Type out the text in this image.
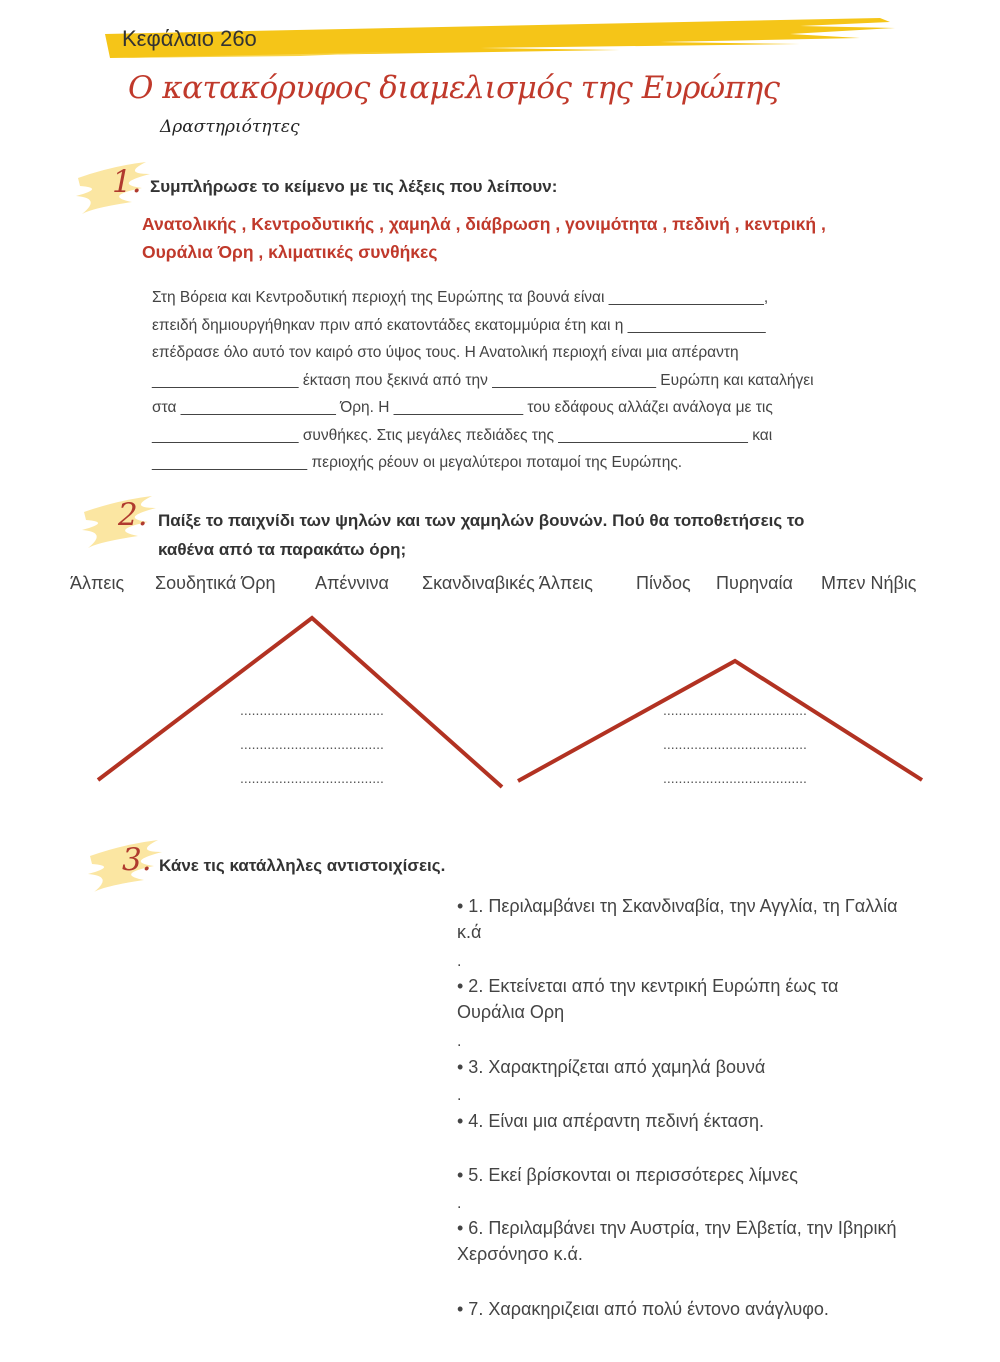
Κεφάλαιο 26ο
Ο κατακόρυφος διαμελισμός της Ευρώπης
Δραστηριότητες
1. Συμπλήρωσε το κείμενο με τις λέξεις που λείπουν:
Ανατολικής , Κεντροδυτικής , χαμηλά , διάβρωση , γονιμότητα , πεδινή , κεντρική ,
Ουράλια Όρη , κλιματικές συνθήκες
Στη Βόρεια και Κεντροδυτική περιοχή της Ευρώπης τα βουνά είναι __________________,
επειδή δημιουργήθηκαν πριν από εκατοντάδες εκατομμύρια έτη και η ________________
επέδρασε όλο αυτό τον καιρό στο ύψος τους. Η Ανατολική περιοχή είναι μια απέραντη
_________________ έκταση που ξεκινά από την ___________________ Ευρώπη και καταλήγει
στα __________________ Όρη. Η _______________ του εδάφους αλλάζει ανάλογα με τις
_________________ συνθήκες. Στις μεγάλες πεδιάδες της ______________________ και
__________________ περιοχής ρέουν οι μεγαλύτεροι ποταμοί της Ευρώπης.
2. Παίξε το παιχνίδι των ψηλών και των χαμηλών βουνών. Πού θα τοποθετήσεις το
καθένα από τα παρακάτω όρη;
Άλπεις Σουδητικά Όρη Απέννινα Σκανδιναβικές Άλπεις Πίνδος Πυρηναία Μπεν Νήβις
.....................................
.....................................
.....................................
.....................................
.....................................
.....................................
3. Κάνε τις κατάλληλες αντιστοιχίσεις.
• 1. Περιλαμβάνει τη Σκανδιναβία, την Αγγλία, τη Γαλλία κ.ά
.
• 2. Εκτείνεται από την κεντρική Ευρώπη έως τα Ουράλια Ορη
.
• 3. Χαρακτηρίζεται από χαμηλά βουνά
.
• 4. Είναι μια απέραντη πεδινή έκταση.
• 5. Εκεί βρίσκονται οι περισσότερες λίμνες
.
• 6. Περιλαμβάνει την Αυστρία, την Ελβετία, την Ιβηρική Χερσόνησο κ.ά.
• 7. Χαρακηριζειαι από πολύ έντονο ανάγλυφο.
